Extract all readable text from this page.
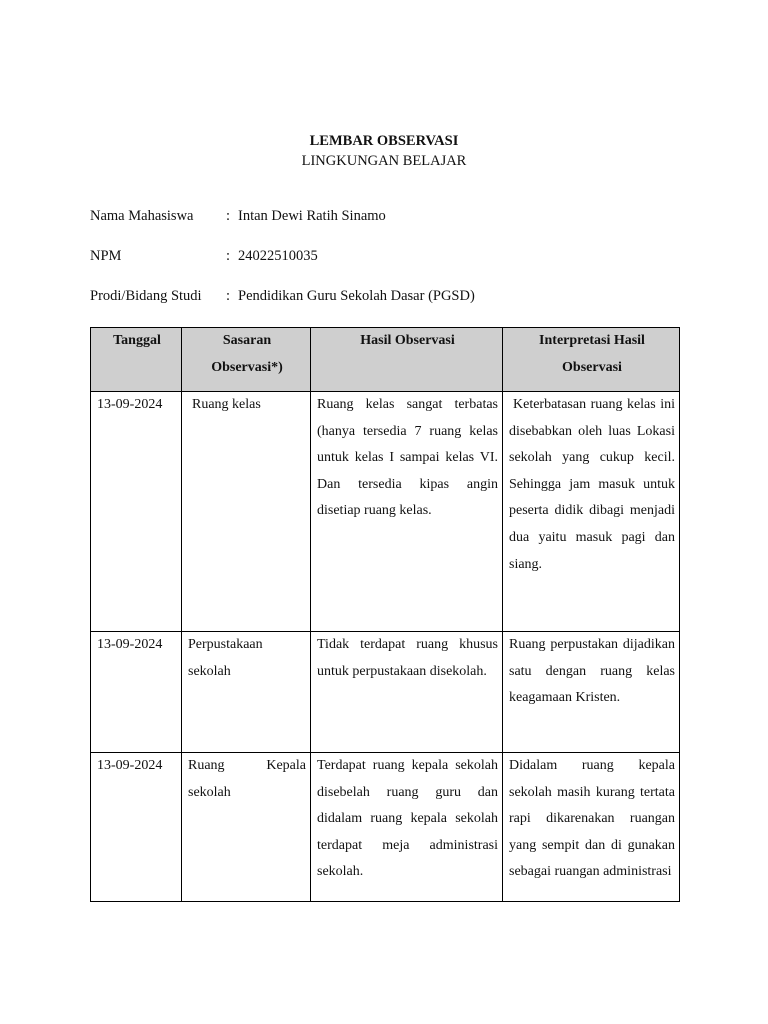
LEMBAR OBSERVASI
LINGKUNGAN BELAJAR
Nama Mahasiswa : Intan Dewi Ratih Sinamo
NPM	: 24022510035
Prodi/Bidang Studi : Pendidikan Guru Sekolah Dasar (PGSD)
Tanggal	Sasaran Observasi*)	Hasil Observasi	Interpretasi Hasil Observasi
13-09-2024	Ruang kelas	Ruang kelas sangat terbatas (hanya tersedia 7 ruang kelas untuk kelas I sampai kelas VI. Dan tersedia kipas angin disetiap ruang kelas.	Keterbatasan ruang kelas ini disebabkan oleh luas Lokasi sekolah yang cukup kecil. Sehingga jam masuk untuk peserta didik dibagi menjadi dua yaitu masuk pagi dan siang.
13-09-2024	Perpustakaan sekolah	Tidak terdapat ruang khusus untuk perpustakaan disekolah.	Ruang perpustakan dijadikan satu dengan ruang kelas keagamaan Kristen.
13-09-2024	Ruang Kepala sekolah	Terdapat ruang kepala sekolah disebelah ruang guru dan didalam ruang kepala sekolah terdapat meja administrasi sekolah.	Didalam ruang kepala sekolah masih kurang tertata rapi dikarenakan ruangan yang sempit dan di gunakan sebagai ruangan administrasi
